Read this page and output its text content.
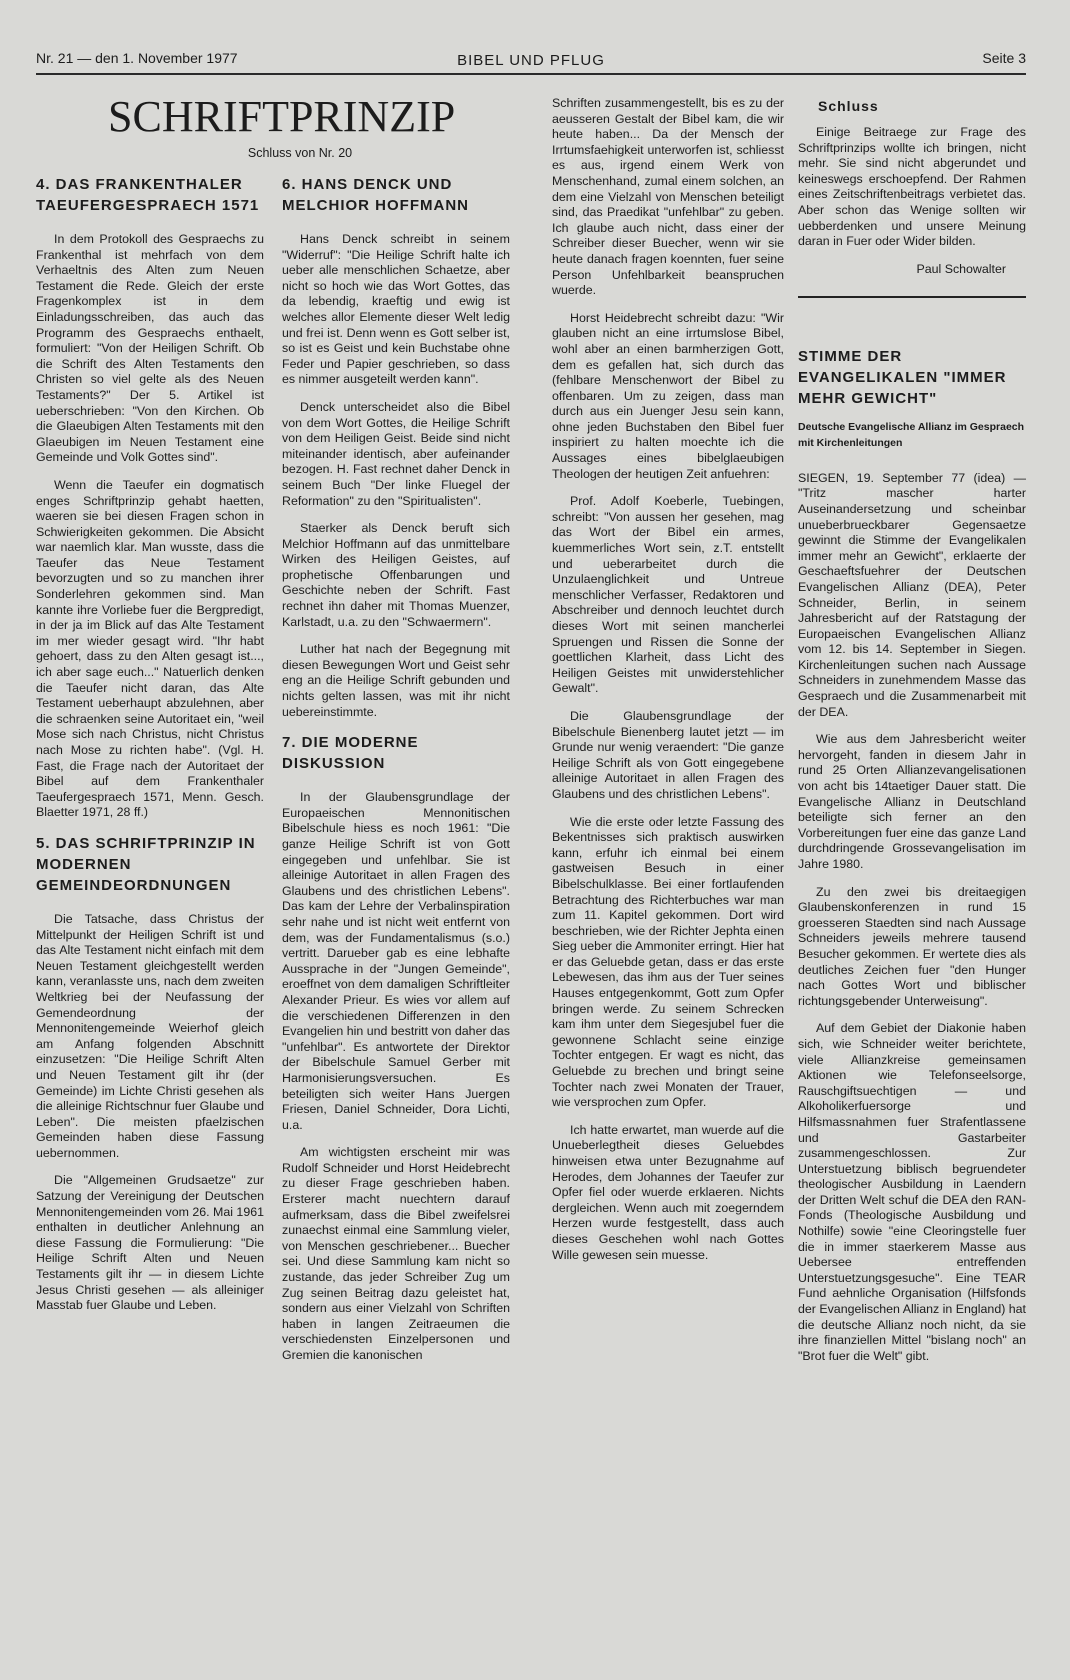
Nr. 21 — den 1. November 1977	BIBEL UND PFLUG	Seite 3
SCHRIFTPRINZIP
Schluss von Nr. 20
4. DAS FRANKENTHALER TAEUFERGESPRAECH 1571

In dem Protokoll des Gespraechs zu Frankenthal ist mehrfach von dem Verhaeltnis des Alten zum Neuen Testament die Rede. Gleich der erste Fragenkomplex ist in dem Einladungsschreiben, das auch das Programm des Gespraechs enthaelt, formuliert: "Von der Heiligen Schrift. Ob die Schrift des Alten Testaments den Christen so viel gelte als des Neuen Testaments?" Der 5. Artikel ist ueberschrieben: "Von den Kirchen. Ob die Glaeubigen Alten Testaments mit den Glaeubigen im Neuen Testament eine Gemeinde und Volk Gottes sind".

Wenn die Taeufer ein dogmatisch enges Schriftprinzip gehabt haetten, waeren sie bei diesen Fragen schon in Schwierigkeiten gekommen. Die Absicht war naemlich klar. Man wusste, dass die Taeufer das Neue Testament bevorzugten und so zu manchen ihrer Sonderlehren gekommen sind. Man kannte ihre Vorliebe fuer die Bergpredigt, in der ja im Blick auf das Alte Testament im mer wieder gesagt wird. "Ihr habt gehoert, dass zu den Alten gesagt ist..., ich aber sage euch..." Natuerlich denken die Taeufer nicht daran, das Alte Testament ueberhaupt abzulehnen, aber die schraenken seine Autoritaet ein, "weil Mose sich nach Christus, nicht Christus nach Mose zu richten habe". (Vgl. H. Fast, die Frage nach der Autoritaet der Bibel auf dem Frankenthaler Taeufergespraech 1571, Menn. Gesch. Blaetter 1971, 28 ff.)

5. DAS SCHRIFTPRINZIP IN MODERNEN GEMEINDEORDNUNGEN

Die Tatsache, dass Christus der Mittelpunkt der Heiligen Schrift ist und das Alte Testament nicht einfach mit dem Neuen Testament gleichgestellt werden kann, veranlasste uns, nach dem zweiten Weltkrieg bei der Neufassung der Gemendeordnung der Mennonitengemeinde Weierhof gleich am Anfang folgenden Abschnitt einzusetzen: "Die Heilige Schrift Alten und Neuen Testament gilt ihr (der Gemeinde) im Lichte Christi gesehen als die alleinige Richtschnur fuer Glaube und Leben". Die meisten pfaelzischen Gemeinden haben diese Fassung uebernommen.

Die "Allgemeinen Grudsaetze" zur Satzung der Vereinigung der Deutschen Mennonitengemeinden vom 26. Mai 1961 enthalten in deutlicher Anlehnung an diese Fassung die Formulierung: "Die Heilige Schrift Alten und Neuen Testaments gilt ihr — in diesem Lichte Jesus Christi gesehen — als alleiniger Masstab fuer Glaube und Leben.

6. HANS DENCK UND MELCHIOR HOFFMANN

Hans Denck schreibt in seinem "Widerruf": "Die Heilige Schrift halte ich ueber alle menschlichen Schaetze, aber nicht so hoch wie das Wort Gottes, das da lebendig, kraeftig und ewig ist welches allor Elemente dieser Welt ledig und frei ist. Denn wenn es Gott selber ist, so ist es Geist und kein Buchstabe ohne Feder und Papier geschrieben, so dass es nimmer ausgeteilt werden kann".

Denck unterscheidet also die Bibel von dem Wort Gottes, die Heilige Schrift von dem Heiligen Geist. Beide sind nicht miteinander identisch, aber aufeinander bezogen. H. Fast rechnet daher Denck in seinem Buch "Der linke Fluegel der Reformation" zu den "Spiritualisten".

Staerker als Denck beruft sich Melchior Hoffmann auf das unmittelbare Wirken des Heiligen Geistes, auf prophetische Offenbarungen und Geschichte neben der Schrift. Fast rechnet ihn daher mit Thomas Muenzer, Karlstadt, u.a. zu den "Schwaermern".

Luther hat nach der Begegnung mit diesen Bewegungen Wort und Geist sehr eng an die Heilige Schrift gebunden und nichts gelten lassen, was mit ihr nicht uebereinstimmte.

7. DIE MODERNE DISKUSSION

In der Glaubensgrundlage der Europaeischen Mennonitischen Bibelschule hiess es noch 1961: "Die ganze Heilige Schrift ist von Gott eingegeben und unfehlbar. Sie ist alleinige Autoritaet in allen Fragen des Glaubens und des christlichen Lebens". Das kam der Lehre der Verbalinspiration sehr nahe und ist nicht weit entfernt von dem, was der Fundamentalismus (s.o.) vertritt. Darueber gab es eine lebhafte Aussprache in der "Jungen Gemeinde", eroeffnet von dem damaligen Schriftleiter Alexander Prieur. Es wies vor allem auf die verschiedenen Differenzen in den Evangelien hin und bestritt von daher das "unfehlbar". Es antwortete der Direktor der Bibelschule Samuel Gerber mit Harmonisierungsversuchen. Es beteiligten sich weiter Hans Juergen Friesen, Daniel Schneider, Dora Lichti, u.a.

Am wichtigsten erscheint mir was Rudolf Schneider und Horst Heidebrecht zu dieser Frage geschrieben haben. Ersterer macht nuechtern darauf aufmerksam, dass die Bibel zweifelsrei zunaechst einmal eine Sammlung vieler, von Menschen geschriebener... Buecher sei. Und diese Sammlung kam nicht so zustande, das jeder Schreiber Zug um Zug seinen Beitrag dazu geleistet hat, sondern aus einer Vielzahl von Schriften haben in langen Zeitraeumen die verschiedensten Einzelpersonen und Gremien die kanonischen

Schriften zusammengestellt, bis es zu der aeusseren Gestalt der Bibel kam, die wir heute haben... Da der Mensch der Irrtumsfaehigkeit unterworfen ist, schliesst es aus, irgend einem Werk von Menschenhand, zumal einem solchen, an dem eine Vielzahl von Menschen beteiligt sind, das Praedikat "unfehlbar" zu geben. Ich glaube auch nicht, dass einer der Schreiber dieser Buecher, wenn wir sie heute danach fragen koennten, fuer seine Person Unfehlbarkeit beanspruchen wuerde.

Horst Heidebrecht schreibt dazu: "Wir glauben nicht an eine irrtumslose Bibel, wohl aber an einen barmherzigen Gott, dem es gefallen hat, sich durch das (fehlbare Menschenwort der Bibel zu offenbaren. Um zu zeigen, dass man durch aus ein Juenger Jesu sein kann, ohne jeden Buchstaben den Bibel fuer inspiriert zu halten moechte ich die Aussages eines bibelglaeubigen Theologen der heutigen Zeit anfuehren:

Prof. Adolf Koeberle, Tuebingen, schreibt: "Von aussen her gesehen, mag das Wort der Bibel ein armes, kuemmerliches Wort sein, z.T. entstellt und ueberarbeitet durch die Unzulaenglichkeit und Untreue menschlicher Verfasser, Redaktoren und Abschreiber und dennoch leuchtet durch dieses Wort mit seinen mancherlei Spruengen und Rissen die Sonne der goettlichen Klarheit, dass Licht des Heiligen Geistes mit unwiderstehlicher Gewalt".

Die Glaubensgrundlage der Bibelschule Bienenberg lautet jetzt — im Grunde nur wenig veraendert: "Die ganze Heilige Schrift als von Gott eingegebene alleinige Autoritaet in allen Fragen des Glaubens und des christlichen Lebens".

Wie die erste oder letzte Fassung des Bekentnisses sich praktisch auswirken kann, erfuhr ich einmal bei einem gastweisen Besuch in einer Bibelschulklasse. Bei einer fortlaufenden Betrachtung des Richterbuches war man zum 11. Kapitel gekommen. Dort wird beschrieben, wie der Richter Jephta einen Sieg ueber die Ammoniter erringt. Hier hat er das Geluebde getan, dass er das erste Lebewesen, das ihm aus der Tuer seines Hauses entgegenkommt, Gott zum Opfer bringen werde. Zu seinem Schrecken kam ihm unter dem Siegesjubel fuer die gewonnene Schlacht seine einzige Tochter entgegen. Er wagt es nicht, das Geluebde zu brechen und bringt seine Tochter nach zwei Monaten der Trauer, wie versprochen zum Opfer.

Ich hatte erwartet, man wuerde auf die Unueberlegtheit dieses Geluebdes hinweisen etwa unter Bezugnahme auf Herodes, dem Johannes der Taeufer zur Opfer fiel oder wuerde erklaeren. Nichts dergleichen. Wenn auch mit zoegerndem Herzen wurde festgestellt, dass auch dieses Geschehen wohl nach Gottes Wille gewesen sein muesse.

Schluss

Einige Beitraege zur Frage des Schriftprinzips wollte ich bringen, nicht mehr. Sie sind nicht abgerundet und keineswegs erschoepfend. Der Rahmen eines Zeitschriftenbeitrags verbietet das. Aber schon das Wenige sollten wir uebberdenken und unsere Meinung daran in Fuer oder Wider bilden.

Paul Schowalter
STIMME DER EVANGELIKALEN "IMMER MEHR GEWICHT"
Deutsche Evangelische Allianz im Gespraech mit Kirchenleitungen

SIEGEN, 19. September 77 (idea) — "Tritz mascher harter Auseinandersetzung und scheinbar unueberbrueckbarer Gegensaetze gewinnt die Stimme der Evangelikalen immer mehr an Gewicht", erklaerte der Geschaeftsfuehrer der Deutschen Evangelischen Allianz (DEA), Peter Schneider, Berlin, in seinem Jahresbericht auf der Ratstagung der Europaeischen Evangelischen Allianz vom 12. bis 14. September in Siegen. Kirchenleitungen suchen nach Aussage Schneiders in zunehmendem Masse das Gespraech und die Zusammenarbeit mit der DEA.

Wie aus dem Jahresbericht weiter hervorgeht, fanden in diesem Jahr in rund 25 Orten Allianzevangelisationen von acht bis 14taetiger Dauer statt. Die Evangelische Allianz in Deutschland beteiligte sich ferner an den Vorbereitungen fuer eine das ganze Land durchdringende Grossevangelisation im Jahre 1980.

Zu den zwei bis dreitaegigen Glaubenskonferenzen in rund 15 groesseren Staedten sind nach Aussage Schneiders jeweils mehrere tausend Besucher gekommen. Er wertete dies als deutliches Zeichen fuer "den Hunger nach Gottes Wort und biblischer richtungsgebender Unterweisung".

Auf dem Gebiet der Diakonie haben sich, wie Schneider weiter berichtete, viele Allianzkreise gemeinsamen Aktionen wie Telefonseelsorge, Rauschgiftsuechtigen — und Alkoholikerfuersorge und Hilfsmassnahmen fuer Strafentlassene und Gastarbeiter zusammengeschlossen. Zur Unterstuetzung biblisch begruendeter theologischer Ausbildung in Laendern der Dritten Welt schuf die DEA den RAN-Fonds (Theologische Ausbildung und Nothilfe) sowie "eine Cleoringstelle fuer die in immer staerkerem Masse aus Uebersee entreffenden Unterstuetzungsgesuche". Eine TEAR Fund aehnliche Organisation (Hilfsfonds der Evangelischen Allianz in England) hat die deutsche Allianz noch nicht, da sie ihre finanziellen Mittel "bislang noch" an "Brot fuer die Welt" gibt.
